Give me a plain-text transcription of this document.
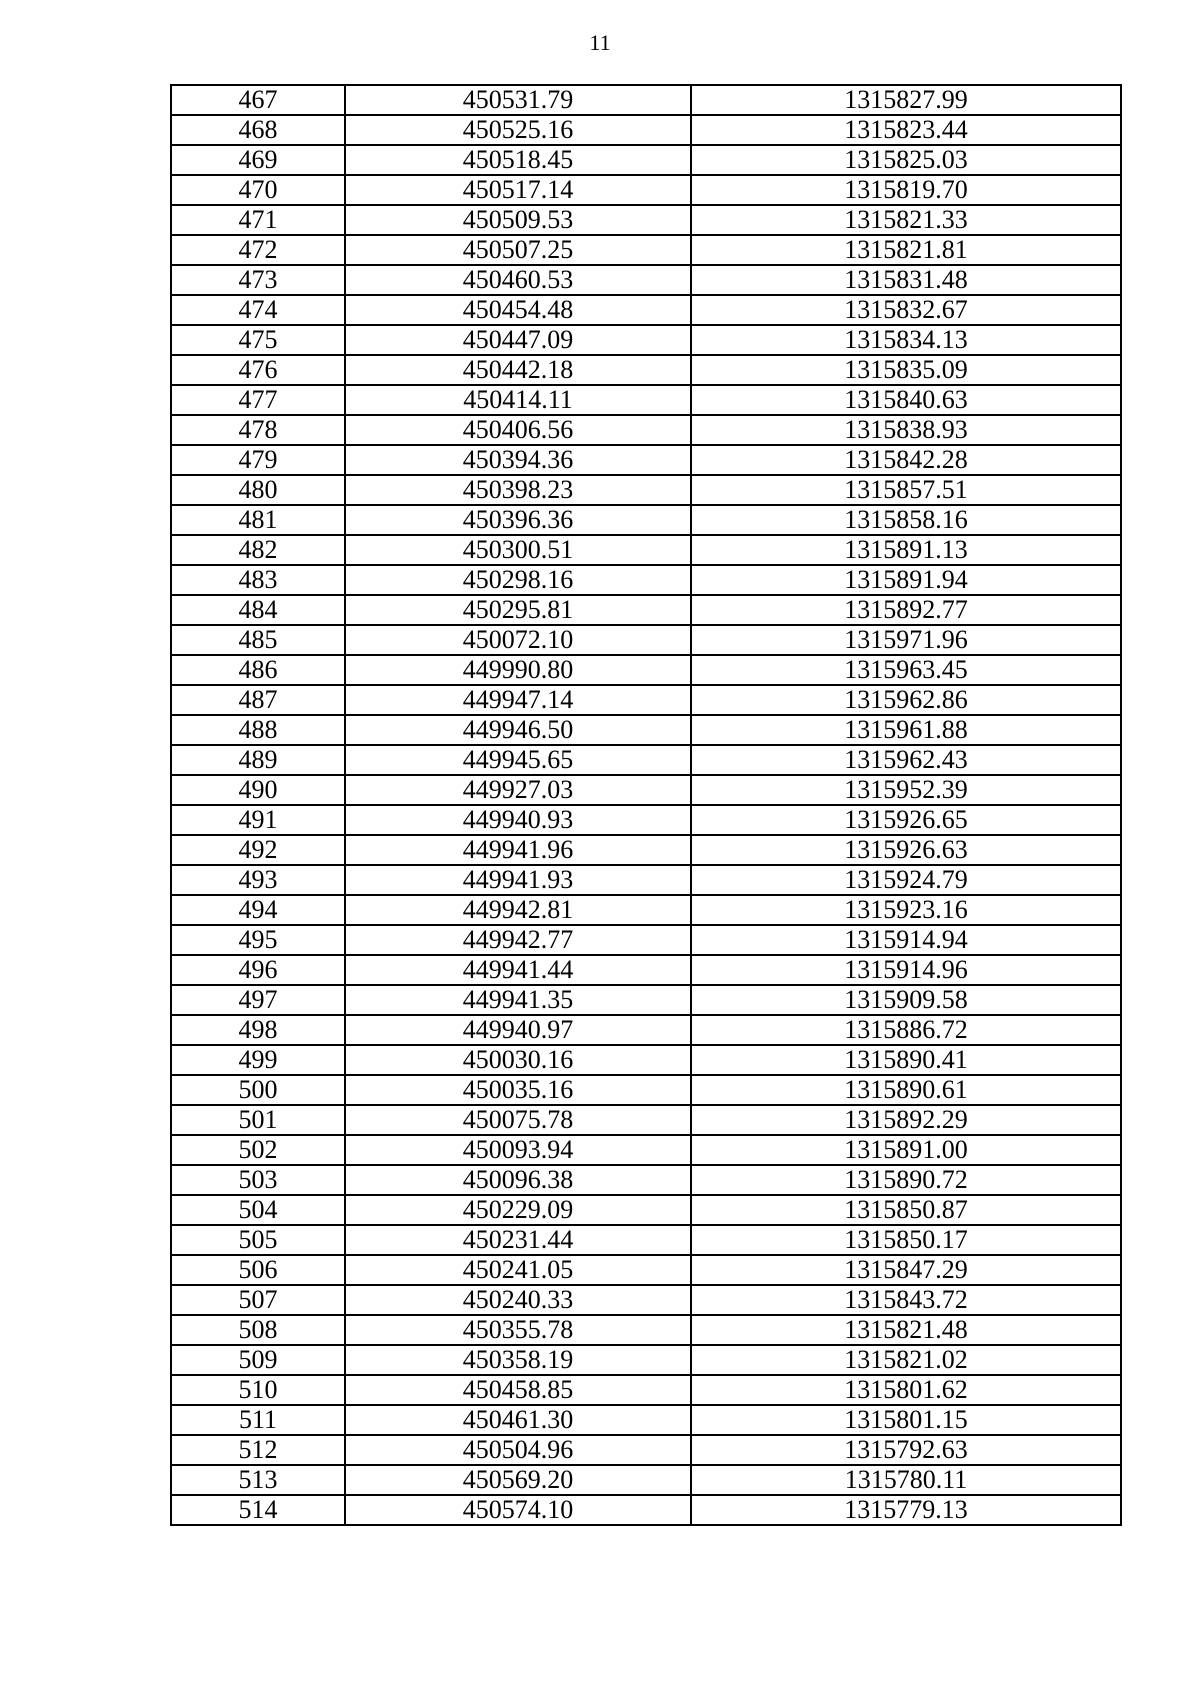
11
467	450531.79	1315827.99
468	450525.16	1315823.44
469	450518.45	1315825.03
470	450517.14	1315819.70
471	450509.53	1315821.33
472	450507.25	1315821.81
473	450460.53	1315831.48
474	450454.48	1315832.67
475	450447.09	1315834.13
476	450442.18	1315835.09
477	450414.11	1315840.63
478	450406.56	1315838.93
479	450394.36	1315842.28
480	450398.23	1315857.51
481	450396.36	1315858.16
482	450300.51	1315891.13
483	450298.16	1315891.94
484	450295.81	1315892.77
485	450072.10	1315971.96
486	449990.80	1315963.45
487	449947.14	1315962.86
488	449946.50	1315961.88
489	449945.65	1315962.43
490	449927.03	1315952.39
491	449940.93	1315926.65
492	449941.96	1315926.63
493	449941.93	1315924.79
494	449942.81	1315923.16
495	449942.77	1315914.94
496	449941.44	1315914.96
497	449941.35	1315909.58
498	449940.97	1315886.72
499	450030.16	1315890.41
500	450035.16	1315890.61
501	450075.78	1315892.29
502	450093.94	1315891.00
503	450096.38	1315890.72
504	450229.09	1315850.87
505	450231.44	1315850.17
506	450241.05	1315847.29
507	450240.33	1315843.72
508	450355.78	1315821.48
509	450358.19	1315821.02
510	450458.85	1315801.62
511	450461.30	1315801.15
512	450504.96	1315792.63
513	450569.20	1315780.11
514	450574.10	1315779.13
